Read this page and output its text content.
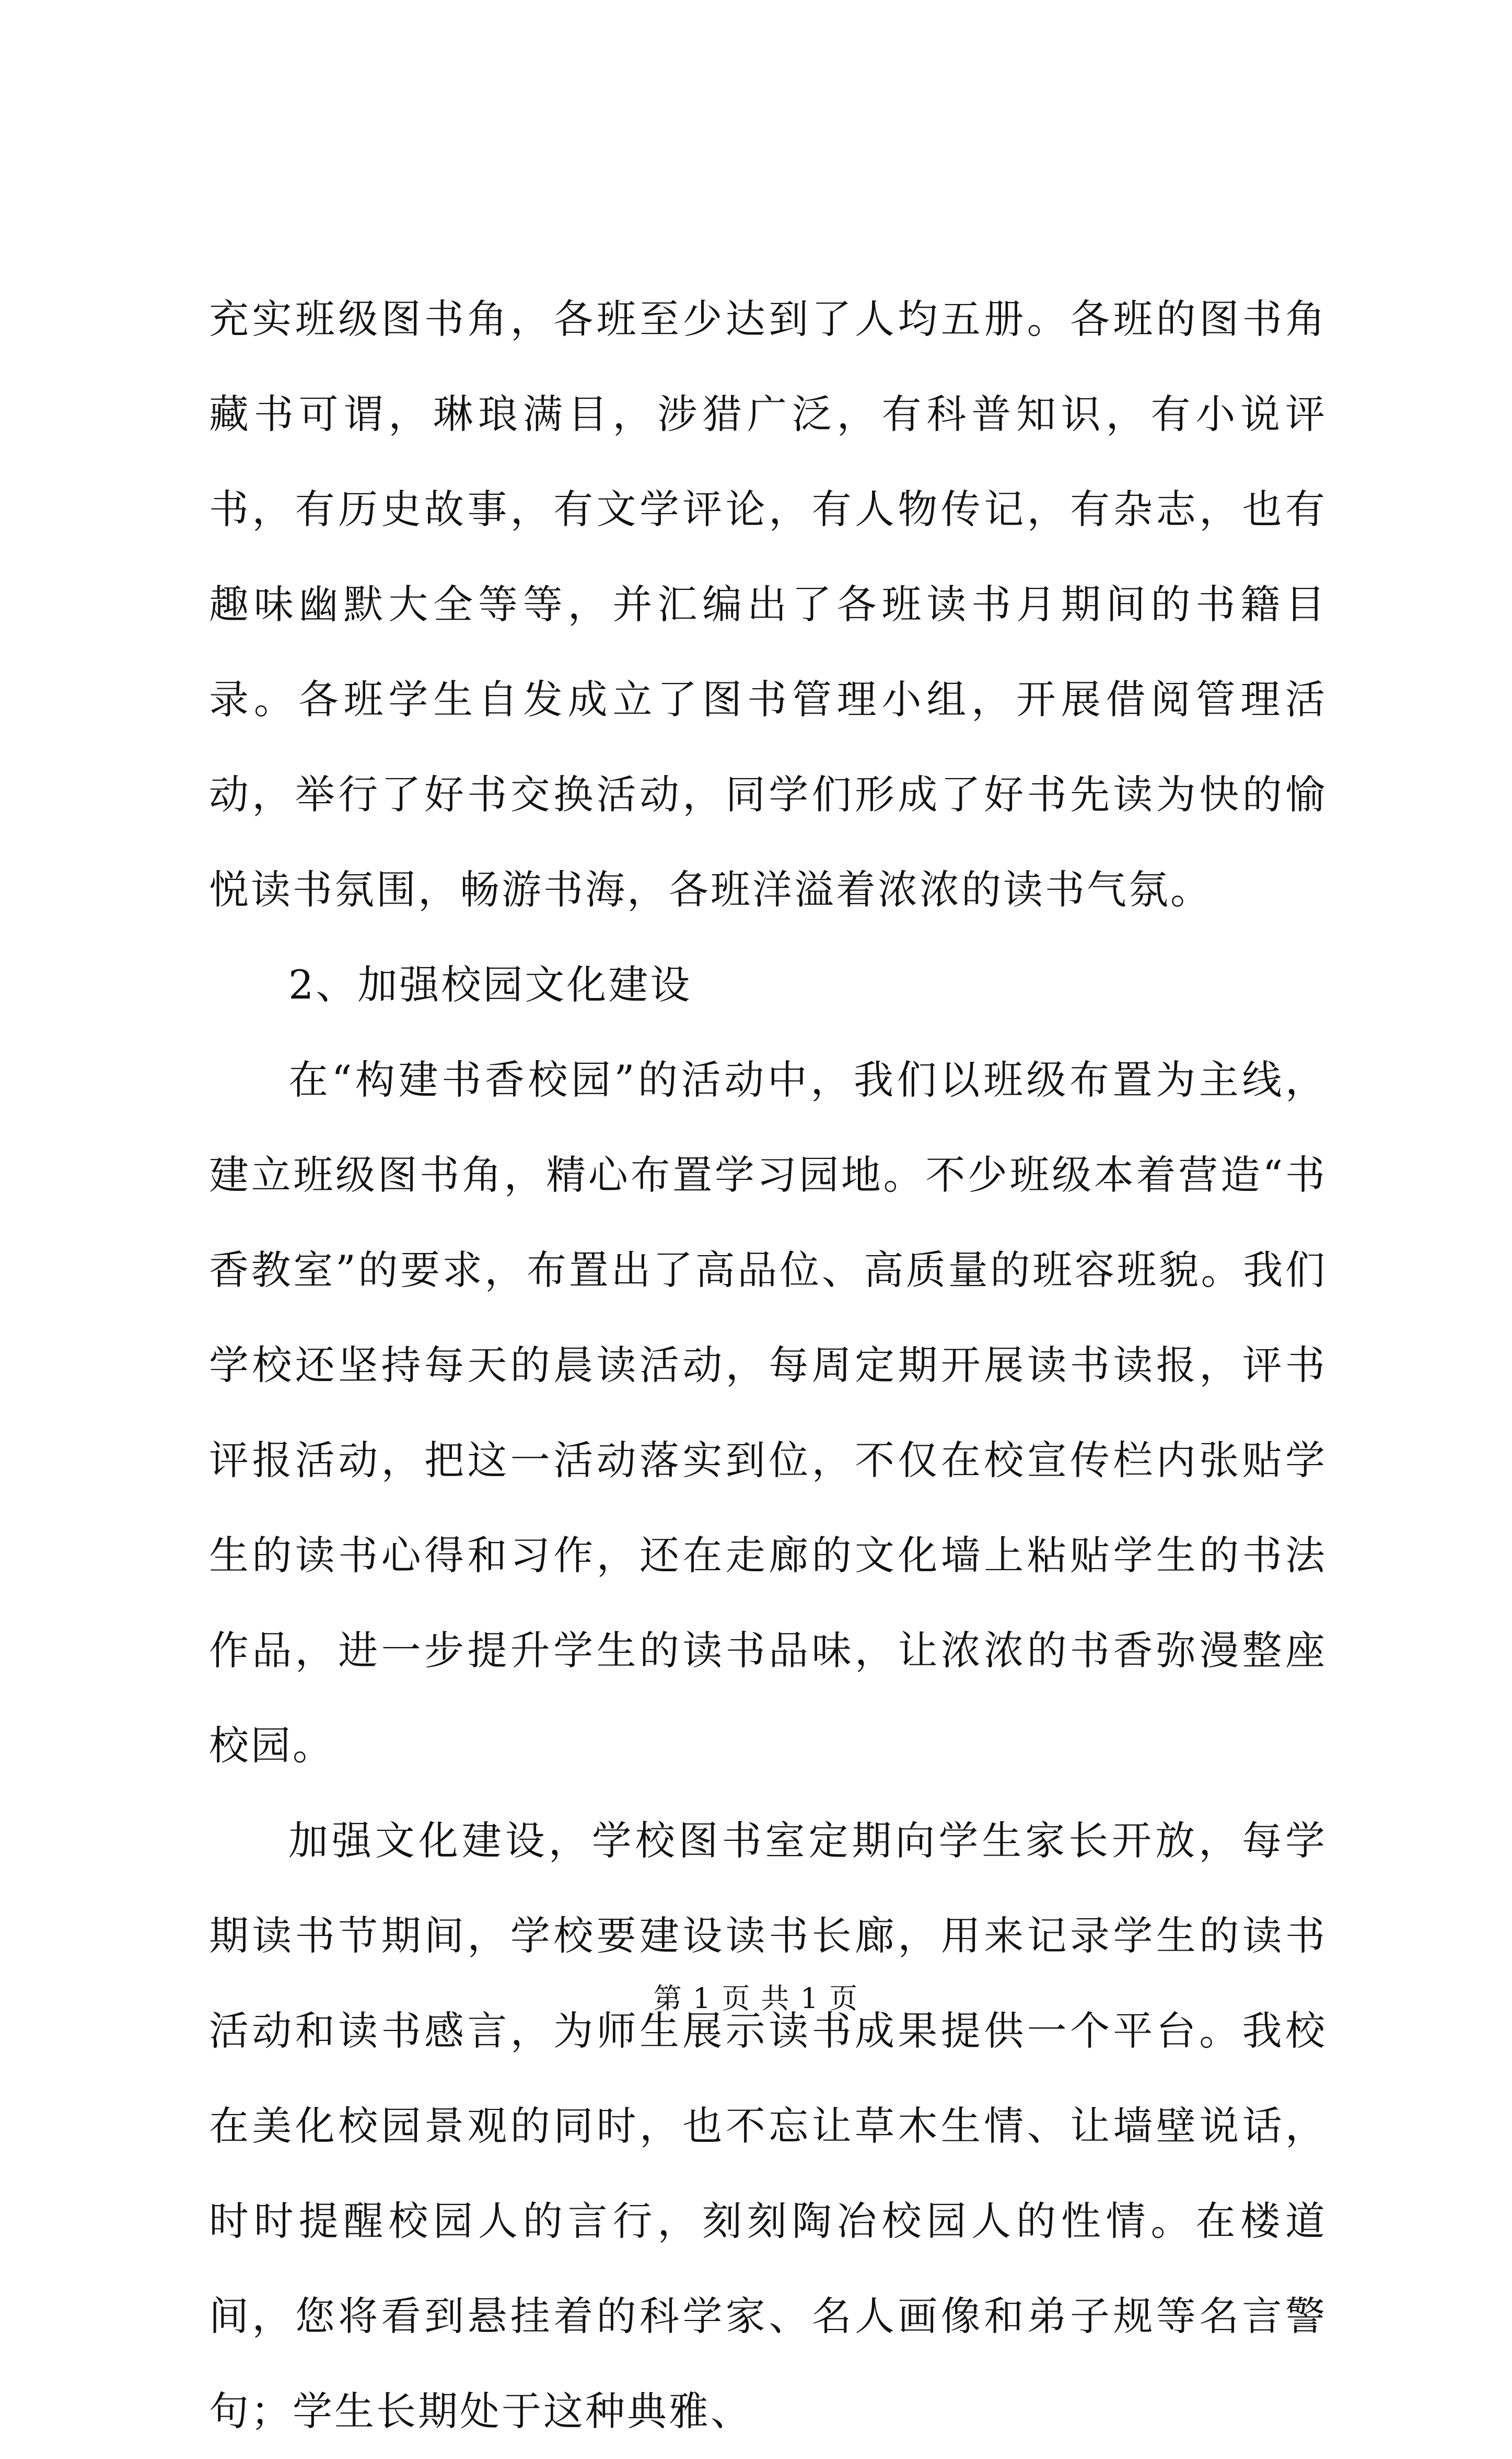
充实班级图书角，各班至少达到了人均五册。各班的图书角藏书可谓，琳琅满目，涉猎广泛，有科普知识，有小说评书，有历史故事，有文学评论，有人物传记，有杂志，也有趣味幽默大全等等，并汇编出了各班读书月期间的书籍目录。各班学生自发成立了图书管理小组，开展借阅管理活动，举行了好书交换活动，同学们形成了好书先读为快的愉悦读书氛围，畅游书海，各班洋溢着浓浓的读书气氛。

2、加强校园文化建设

在“构建书香校园”的活动中，我们以班级布置为主线，建立班级图书角，精心布置学习园地。不少班级本着营造“书香教室”的要求，布置出了高品位、高质量的班容班貌。我们学校还坚持每天的晨读活动，每周定期开展读书读报，评书评报活动，把这一活动落实到位，不仅在校宣传栏内张贴学生的读书心得和习作，还在走廊的文化墙上粘贴学生的书法作品，进一步提升学生的读书品味，让浓浓的书香弥漫整座校园。

加强文化建设，学校图书室定期向学生家长开放，每学期读书节期间，学校要建设读书长廊，用来记录学生的读书活动和读书感言，为师生展示读书成果提供一个平台。我校在美化校园景观的同时，也不忘让草木生情、让墙壁说话，时时提醒校园人的言行，刻刻陶冶校园人的性情。在楼道间，您将看到悬挂着的科学家、名人画像和弟子规等名言警句；学生长期处于这种典雅、

第 1 页 共 1 页
